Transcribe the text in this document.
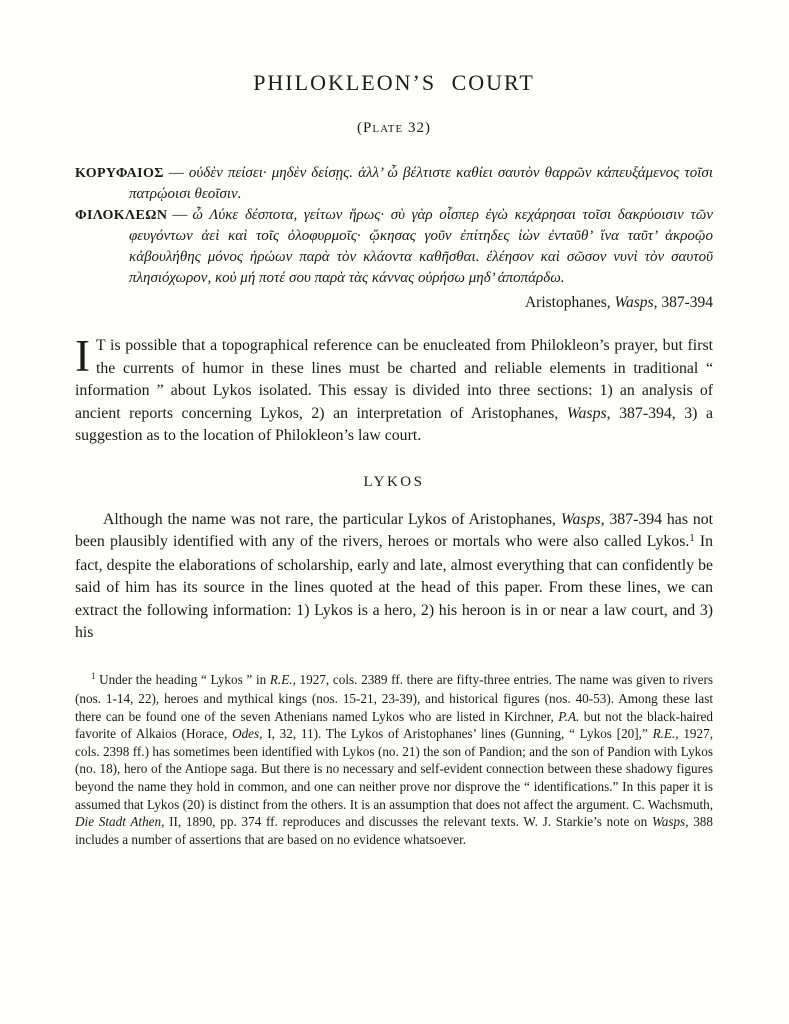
PHILOKLEON’S COURT
(Plate 32)
ΚΟΡΥΦΑΙΟΣ — οὐδὲν πείσει· μηδὲν δείσῃς. ἀλλ’ ὦ βέλτιστε καθίει σαυτὸν θαρρῶν κἀπευξάμενος τοῖσι πατρῴοισι θεοῖσιν.
ΦΙΛΟΚΛΕΩΝ — ὦ Λύκε δέσποτα, γείτων ἥρως· σὺ γὰρ οἷσπερ ἐγὼ κεχάρησαι τοῖσι δακρύοισιν τῶν φευγόντων ἀεὶ καὶ τοῖς ὀλοφυρμοῖς· ᾤκησας γοῦν ἐπίτηδες ἰὼν ἐνταῦθ’ ἵνα ταῦτ’ ἀκροῷο κἀβουλήθης μόνος ἡρώων παρὰ τὸν κλάοντα καθῆσθαι. ἐλέησον καὶ σῶσον νυνὶ τὸν σαυτοῦ πλησιόχωρον, κοὐ μή ποτέ σου παρὰ τὰς κάννας οὐρήσω μηδ’ ἀποπάρδω.
Aristophanes, Wasps, 387-394

I T is possible that a topographical reference can be enucleated from Philokleon’s prayer, but first the currents of humor in these lines must be charted and reliable elements in traditional “ information ” about Lykos isolated. This essay is divided into three sections: 1) an analysis of ancient reports concerning Lykos, 2) an interpretation of Aristophanes, Wasps, 387-394, 3) a suggestion as to the location of Philokleon’s law court.

LYKOS

Although the name was not rare, the particular Lykos of Aristophanes, Wasps, 387-394 has not been plausibly identified with any of the rivers, heroes or mortals who were also called Lykos.$^1$ In fact, despite the elaborations of scholarship, early and late, almost everything that can confidently be said of him has its source in the lines quoted at the head of this paper. From these lines, we can extract the following information: 1) Lykos is a hero, 2) his heroon is in or near a law court, and 3) his

$^1$ Under the heading “ Lykos ” in R.E., 1927, cols. 2389 ff. there are fifty-three entries. The name was given to rivers (nos. 1-14, 22), heroes and mythical kings (nos. 15-21, 23-39), and historical figures (nos. 40-53). Among these last there can be found one of the seven Athenians named Lykos who are listed in Kirchner, P.A. but not the black-haired favorite of Alkaios (Horace, Odes, I, 32, 11). The Lykos of Aristophanes’ lines (Gunning, “ Lykos [20],” R.E., 1927, cols. 2398 ff.) has sometimes been identified with Lykos (no. 21) the son of Pandion; and the son of Pandion with Lykos (no. 18), hero of the Antiope saga. But there is no necessary and self-evident connection between these shadowy figures beyond the name they hold in common, and one can neither prove nor disprove the “ identifications.” In this paper it is assumed that Lykos (20) is distinct from the others. It is an assumption that does not affect the argument. C. Wachsmuth, Die Stadt Athen, II, 1890, pp. 374 ff. reproduces and discusses the relevant texts. W. J. Starkie’s note on Wasps, 388 includes a number of assertions that are based on no evidence whatsoever.
